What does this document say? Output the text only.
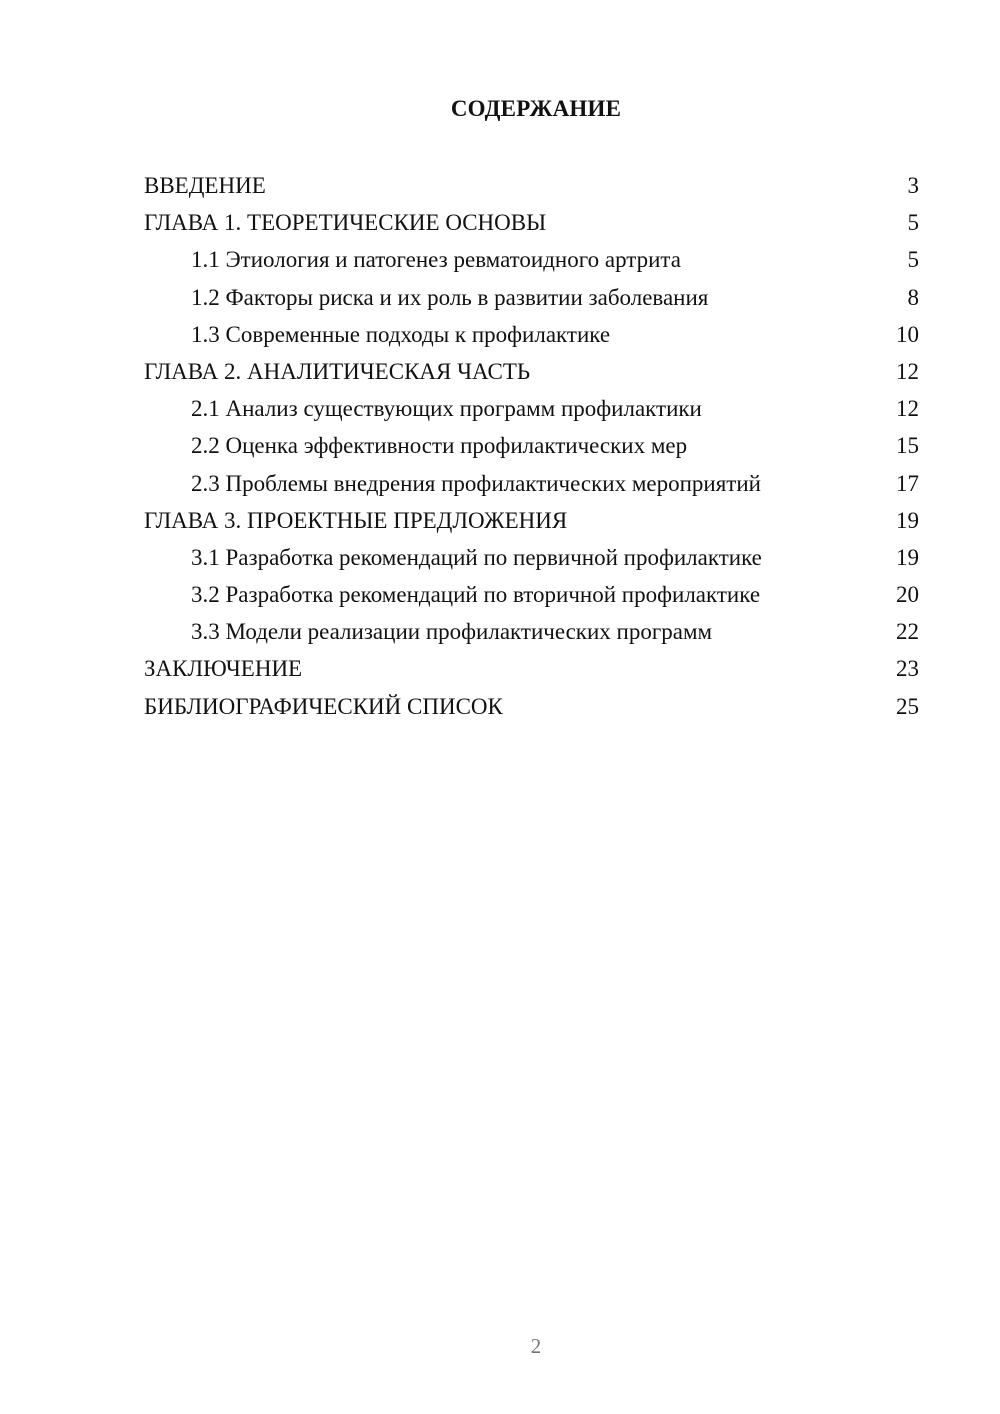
СОДЕРЖАНИЕ
ВВЕДЕНИЕ	3
ГЛАВА 1. ТЕОРЕТИЧЕСКИЕ ОСНОВЫ	5
1.1 Этиология и патогенез ревматоидного артрита	5
1.2 Факторы риска и их роль в развитии заболевания	8
1.3 Современные подходы к профилактике	10
ГЛАВА 2. АНАЛИТИЧЕСКАЯ ЧАСТЬ	12
2.1 Анализ существующих программ профилактики	12
2.2 Оценка эффективности профилактических мер	15
2.3 Проблемы внедрения профилактических мероприятий	17
ГЛАВА 3. ПРОЕКТНЫЕ ПРЕДЛОЖЕНИЯ	19
3.1 Разработка рекомендаций по первичной профилактике	19
3.2 Разработка рекомендаций по вторичной профилактике	20
3.3 Модели реализации профилактических программ	22
ЗАКЛЮЧЕНИЕ	23
БИБЛИОГРАФИЧЕСКИЙ СПИСОК	25
2
